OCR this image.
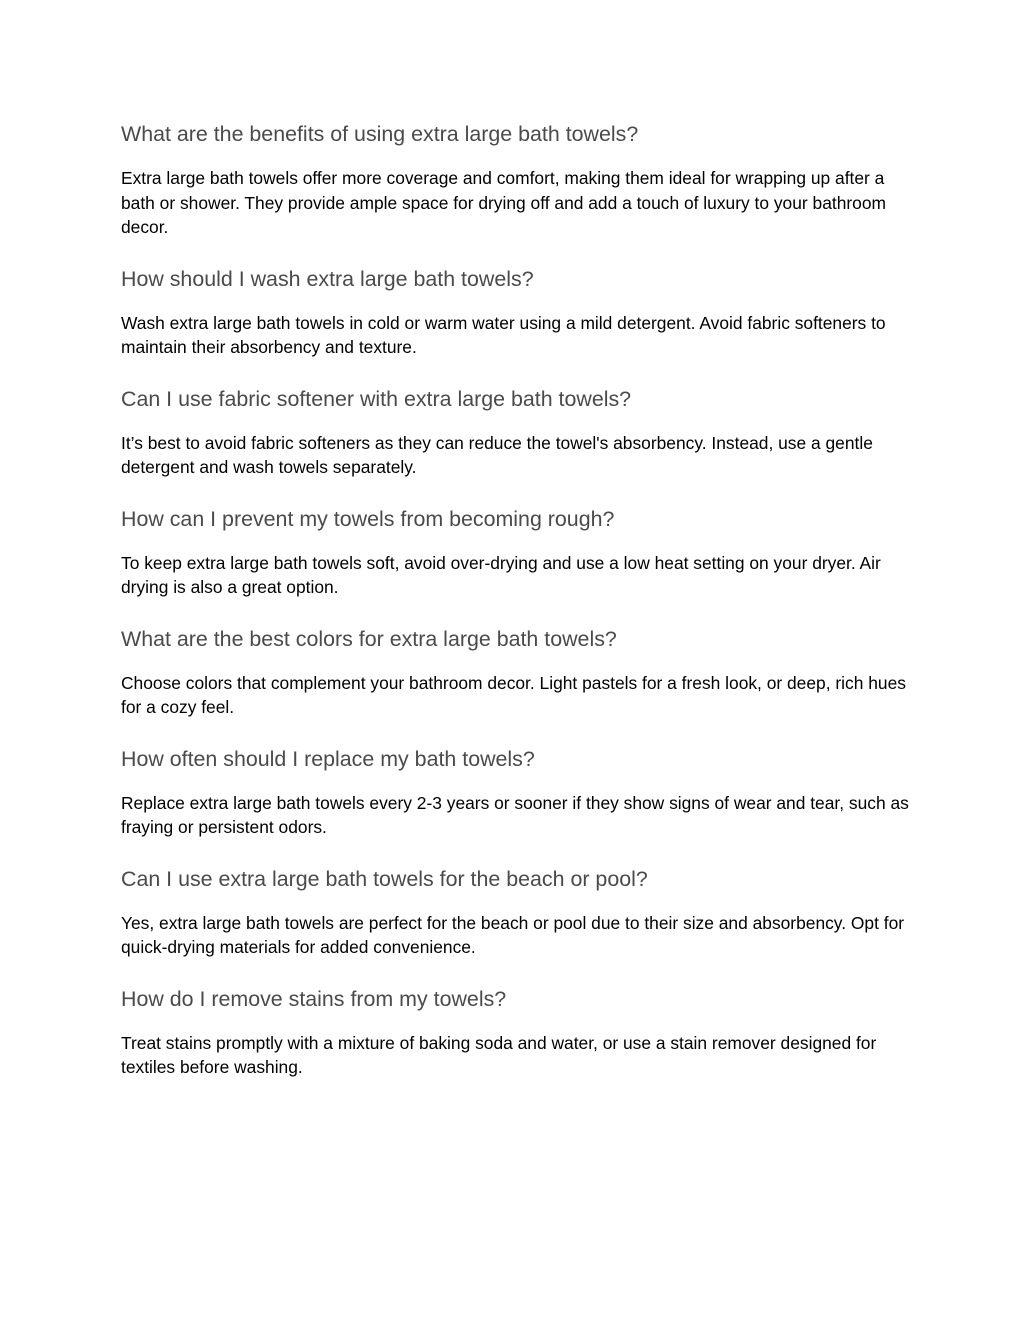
What are the benefits of using extra large bath towels?

Extra large bath towels offer more coverage and comfort, making them ideal for wrapping up after a bath or shower. They provide ample space for drying off and add a touch of luxury to your bathroom decor.

How should I wash extra large bath towels?

Wash extra large bath towels in cold or warm water using a mild detergent. Avoid fabric softeners to maintain their absorbency and texture.

Can I use fabric softener with extra large bath towels?

It’s best to avoid fabric softeners as they can reduce the towel's absorbency. Instead, use a gentle detergent and wash towels separately.

How can I prevent my towels from becoming rough?

To keep extra large bath towels soft, avoid over-drying and use a low heat setting on your dryer. Air drying is also a great option.

What are the best colors for extra large bath towels?

Choose colors that complement your bathroom decor. Light pastels for a fresh look, or deep, rich hues for a cozy feel.

How often should I replace my bath towels?

Replace extra large bath towels every 2-3 years or sooner if they show signs of wear and tear, such as fraying or persistent odors.

Can I use extra large bath towels for the beach or pool?

Yes, extra large bath towels are perfect for the beach or pool due to their size and absorbency. Opt for quick-drying materials for added convenience.

How do I remove stains from my towels?

Treat stains promptly with a mixture of baking soda and water, or use a stain remover designed for textiles before washing.
